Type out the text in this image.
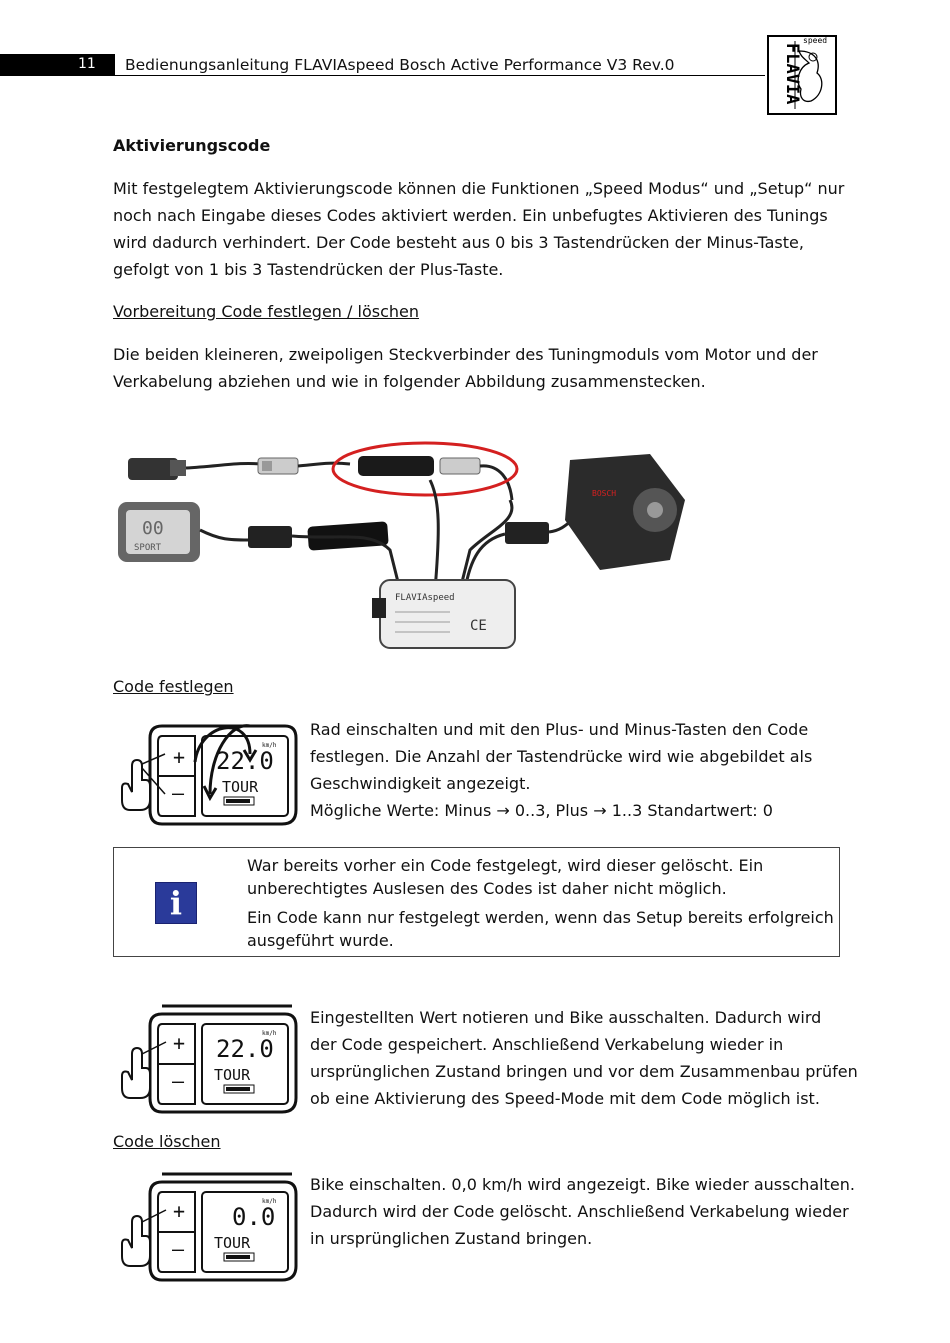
11 Bedienungsanleitung FLAVIAspeed Bosch Active Performance V3 Rev.0	FLAVIA
speed
Aktivierungscode
Mit festgelegtem Aktivierungscode können die Funktionen „Speed Modus“ und „Setup“ nur
noch nach Eingabe dieses Codes aktiviert werden. Ein unbefugtes Aktivieren des Tunings
wird dadurch verhindert. Der Code besteht aus 0 bis 3 Tastendrücken der Minus-Taste,
gefolgt von 1 bis 3 Tastendrücken der Plus-Taste.
Vorbereitung Code festlegen / löschen
Die beiden kleineren, zweipoligen Steckverbinder des Tuningmoduls vom Motor und der
Verkabelung abziehen und wie in folgender Abbildung zusammenstecken.
00
SPORT
FLAVIAspeed
CE
BOSCH
Code festlegen
+
–
km/h
22.0
TOUR
Rad einschalten und mit den Plus- und Minus-Tasten den Code
festlegen. Die Anzahl der Tastendrücke wird wie abgebildet als
Geschwindigkeit angezeigt.
Mögliche Werte: Minus → 0..3, Plus → 1..3 Standartwert: 0
i
War bereits vorher ein Code festgelegt, wird dieser gelöscht. Ein
unberechtigtes Auslesen des Codes ist daher nicht möglich.
Ein Code kann nur festgelegt werden, wenn das Setup bereits erfolgreich
ausgeführt wurde.
+
–
km/h
22.0
TOUR
Eingestellten Wert notieren und Bike ausschalten. Dadurch wird
der Code gespeichert. Anschließend Verkabelung wieder in
ursprünglichen Zustand bringen und vor dem Zusammenbau prüfen
ob eine Aktivierung des Speed-Mode mit dem Code möglich ist.
Code löschen
+
–
km/h
0.0
TOUR
Bike einschalten. 0,0 km/h wird angezeigt. Bike wieder ausschalten.
Dadurch wird der Code gelöscht. Anschließend Verkabelung wieder
in ursprünglichen Zustand bringen.
